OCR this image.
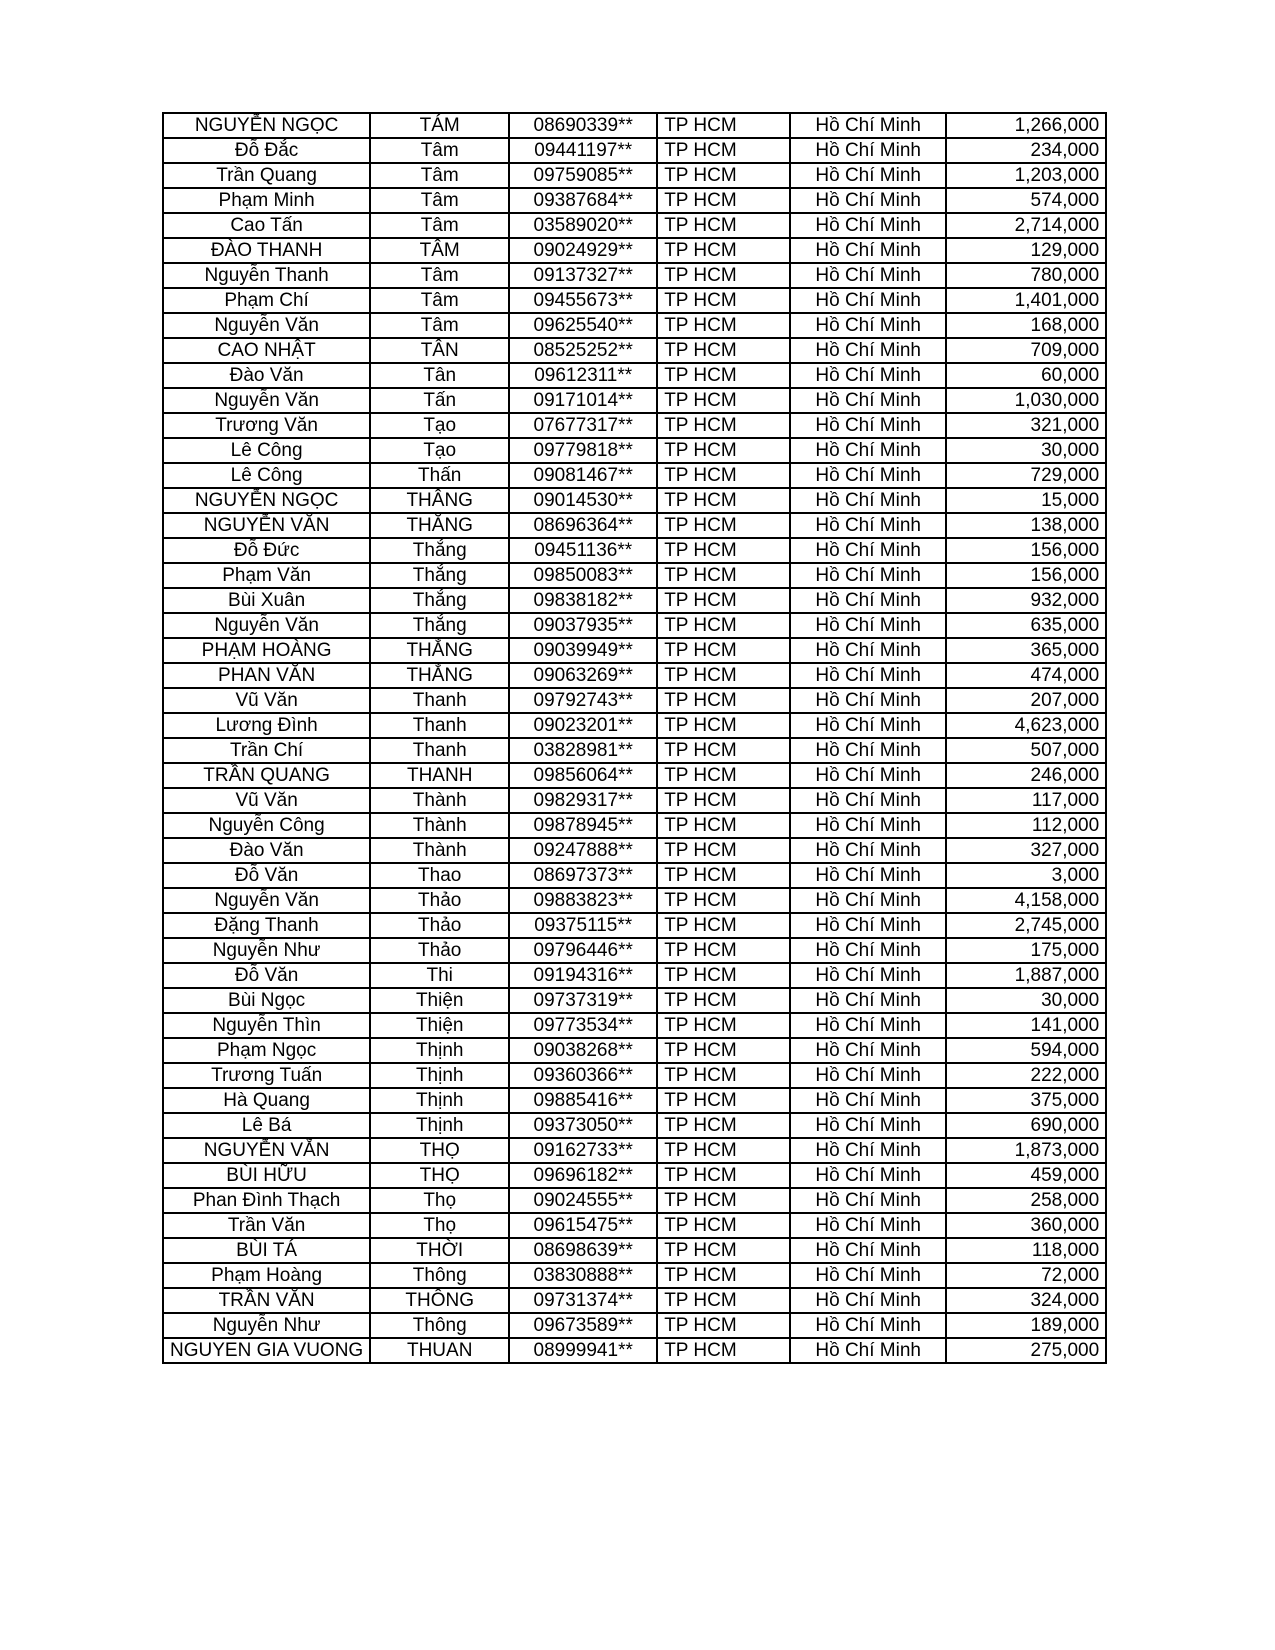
NGUYỄN NGỌC	TÁM	08690339**	TP HCM	Hồ Chí Minh	1,266,000
Đỗ Đắc	Tâm	09441197**	TP HCM	Hồ Chí Minh	234,000
Trần Quang	Tâm	09759085**	TP HCM	Hồ Chí Minh	1,203,000
Phạm Minh	Tâm	09387684**	TP HCM	Hồ Chí Minh	574,000
Cao Tấn	Tâm	03589020**	TP HCM	Hồ Chí Minh	2,714,000
ĐÀO THANH	TÂM	09024929**	TP HCM	Hồ Chí Minh	129,000
Nguyễn Thanh	Tâm	09137327**	TP HCM	Hồ Chí Minh	780,000
Phạm Chí	Tâm	09455673**	TP HCM	Hồ Chí Minh	1,401,000
Nguyễn Văn	Tâm	09625540**	TP HCM	Hồ Chí Minh	168,000
CAO NHẬT	TÂN	08525252**	TP HCM	Hồ Chí Minh	709,000
Đào Văn	Tân	09612311**	TP HCM	Hồ Chí Minh	60,000
Nguyễn Văn	Tấn	09171014**	TP HCM	Hồ Chí Minh	1,030,000
Trương Văn	Tạo	07677317**	TP HCM	Hồ Chí Minh	321,000
Lê Công	Tạo	09779818**	TP HCM	Hồ Chí Minh	30,000
Lê Công	Thấn	09081467**	TP HCM	Hồ Chí Minh	729,000
NGUYỄN NGỌC	THÂNG	09014530**	TP HCM	Hồ Chí Minh	15,000
NGUYỄN VĂN	THĂNG	08696364**	TP HCM	Hồ Chí Minh	138,000
Đỗ Đức	Thắng	09451136**	TP HCM	Hồ Chí Minh	156,000
Phạm Văn	Thắng	09850083**	TP HCM	Hồ Chí Minh	156,000
Bùi Xuân	Thắng	09838182**	TP HCM	Hồ Chí Minh	932,000
Nguyễn Văn	Thắng	09037935**	TP HCM	Hồ Chí Minh	635,000
PHẠM HOÀNG	THẮNG	09039949**	TP HCM	Hồ Chí Minh	365,000
PHAN VĂN	THẮNG	09063269**	TP HCM	Hồ Chí Minh	474,000
Vũ Văn	Thanh	09792743**	TP HCM	Hồ Chí Minh	207,000
Lương Đình	Thanh	09023201**	TP HCM	Hồ Chí Minh	4,623,000
Trần Chí	Thanh	03828981**	TP HCM	Hồ Chí Minh	507,000
TRẦN QUANG	THANH	09856064**	TP HCM	Hồ Chí Minh	246,000
Vũ Văn	Thành	09829317**	TP HCM	Hồ Chí Minh	117,000
Nguyễn Công	Thành	09878945**	TP HCM	Hồ Chí Minh	112,000
Đào Văn	Thành	09247888**	TP HCM	Hồ Chí Minh	327,000
Đỗ Văn	Thao	08697373**	TP HCM	Hồ Chí Minh	3,000
Nguyễn Văn	Thảo	09883823**	TP HCM	Hồ Chí Minh	4,158,000
Đặng Thanh	Thảo	09375115**	TP HCM	Hồ Chí Minh	2,745,000
Nguyễn Như	Thảo	09796446**	TP HCM	Hồ Chí Minh	175,000
Đỗ Văn	Thi	09194316**	TP HCM	Hồ Chí Minh	1,887,000
Bùi Ngọc	Thiện	09737319**	TP HCM	Hồ Chí Minh	30,000
Nguyễn Thìn	Thiện	09773534**	TP HCM	Hồ Chí Minh	141,000
Phạm Ngọc	Thịnh	09038268**	TP HCM	Hồ Chí Minh	594,000
Trương Tuấn	Thịnh	09360366**	TP HCM	Hồ Chí Minh	222,000
Hà Quang	Thịnh	09885416**	TP HCM	Hồ Chí Minh	375,000
Lê Bá	Thịnh	09373050**	TP HCM	Hồ Chí Minh	690,000
NGUYỄN VẴN	THỌ	09162733**	TP HCM	Hồ Chí Minh	1,873,000
BÙI HỮU	THỌ	09696182**	TP HCM	Hồ Chí Minh	459,000
Phan Đình Thạch	Thọ	09024555**	TP HCM	Hồ Chí Minh	258,000
Trần Văn	Thọ	09615475**	TP HCM	Hồ Chí Minh	360,000
BÙI TÁ	THỜI	08698639**	TP HCM	Hồ Chí Minh	118,000
Phạm Hoàng	Thông	03830888**	TP HCM	Hồ Chí Minh	72,000
TRẦN VĂN	THÔNG	09731374**	TP HCM	Hồ Chí Minh	324,000
Nguyễn Như	Thông	09673589**	TP HCM	Hồ Chí Minh	189,000
NGUYEN GIA VUONG	THUAN	08999941**	TP HCM	Hồ Chí Minh	275,000
